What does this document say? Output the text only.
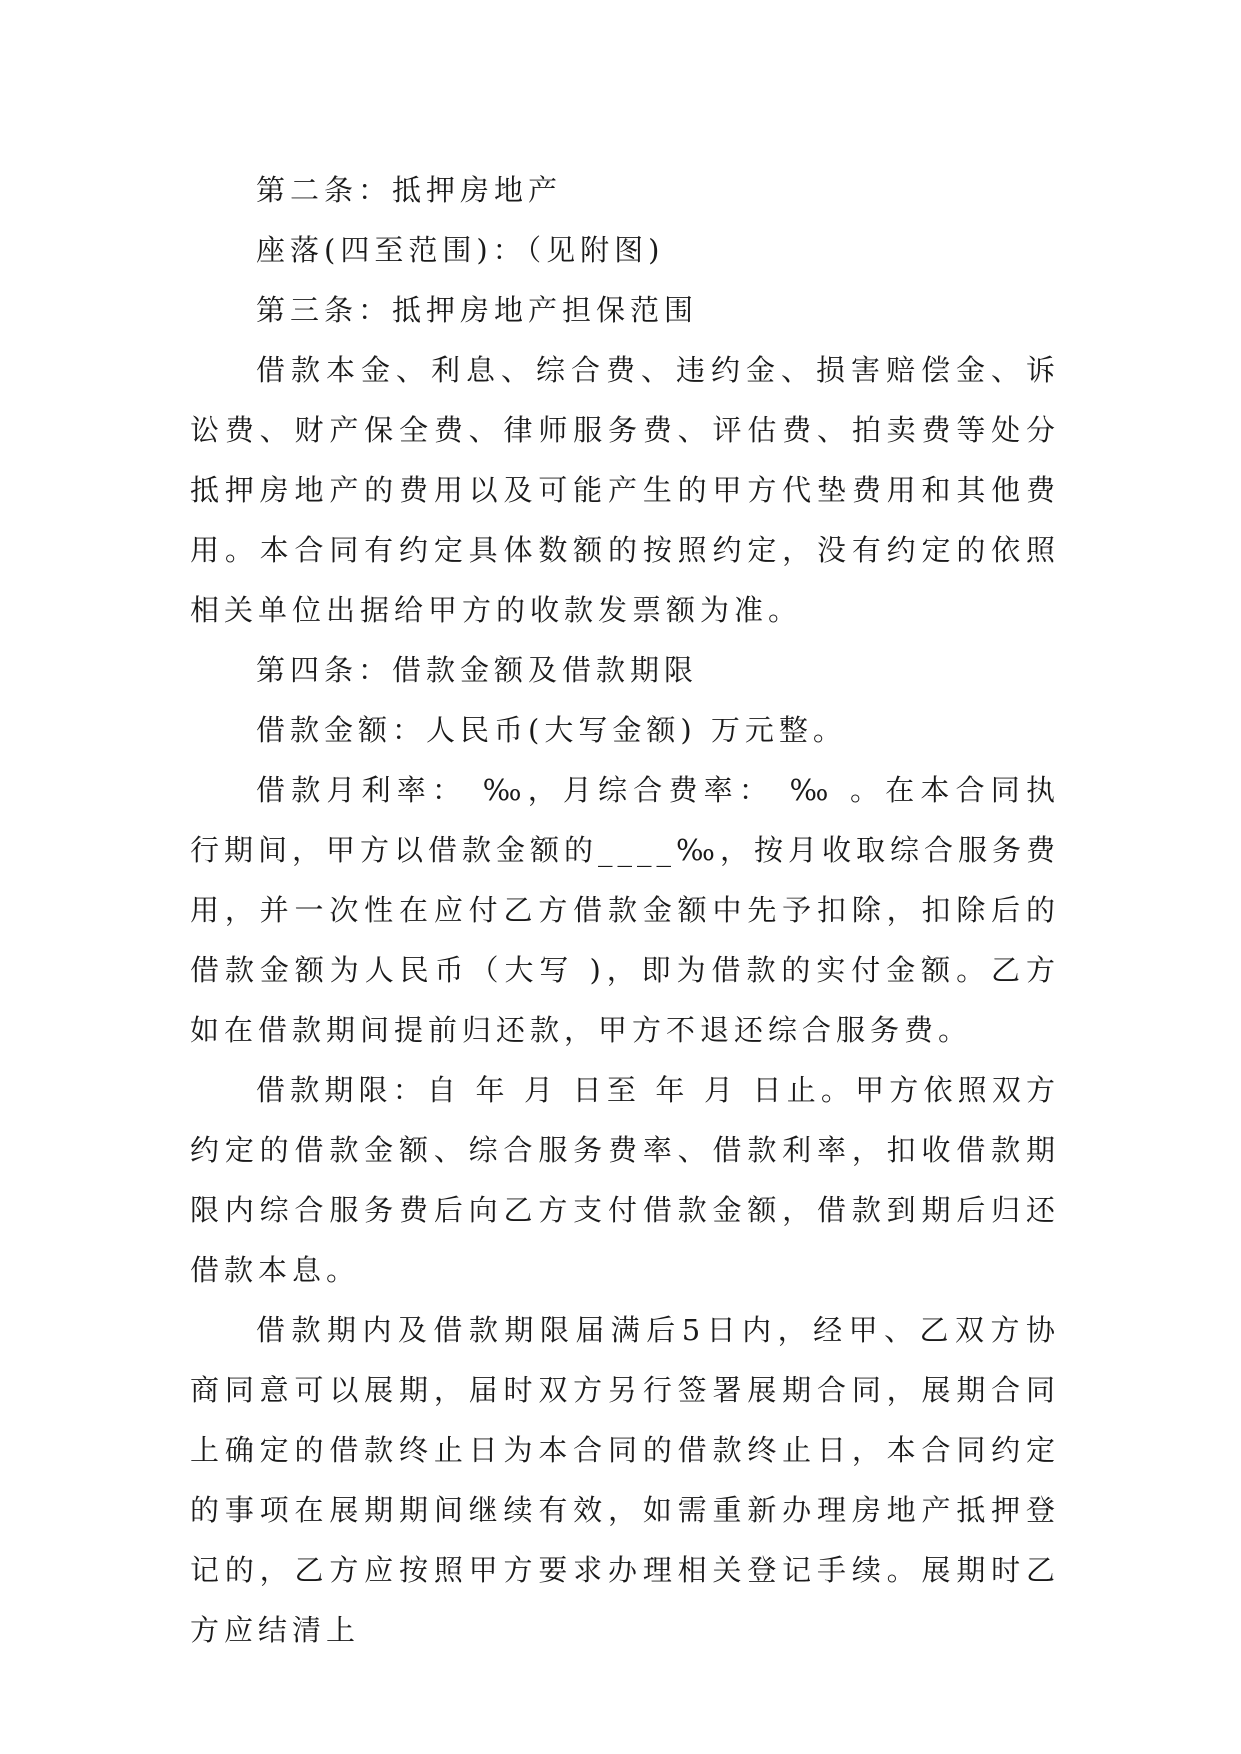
第二条：抵押房地产

座落(四至范围)：（见附图)

第三条：抵押房地产担保范围

借款本金、利息、综合费、违约金、损害赔偿金、诉讼费、财产保全费、律师服务费、评估费、拍卖费等处分抵押房地产的费用以及可能产生的甲方代垫费用和其他费用。本合同有约定具体数额的按照约定，没有约定的依照相关单位出据给甲方的收款发票额为准。

第四条：借款金额及借款期限

借款金额：人民币(大写金额) 万元整。

借款月利率： ‰，月综合费率： ‰ 。在本合同执行期间，甲方以借款金额的____‰，按月收取综合服务费用，并一次性在应付乙方借款金额中先予扣除，扣除后的借款金额为人民币（大写 )，即为借款的实付金额。乙方如在借款期间提前归还款，甲方不退还综合服务费。

借款期限：自 年 月 日至 年 月 日止。甲方依照双方约定的借款金额、综合服务费率、借款利率，扣收借款期限内综合服务费后向乙方支付借款金额，借款到期后归还借款本息。

借款期内及借款期限届满后5日内，经甲、乙双方协商同意可以展期，届时双方另行签署展期合同，展期合同上确定的借款终止日为本合同的借款终止日，本合同约定的事项在展期期间继续有效，如需重新办理房地产抵押登记的，乙方应按照甲方要求办理相关登记手续。展期时乙方应结清上
